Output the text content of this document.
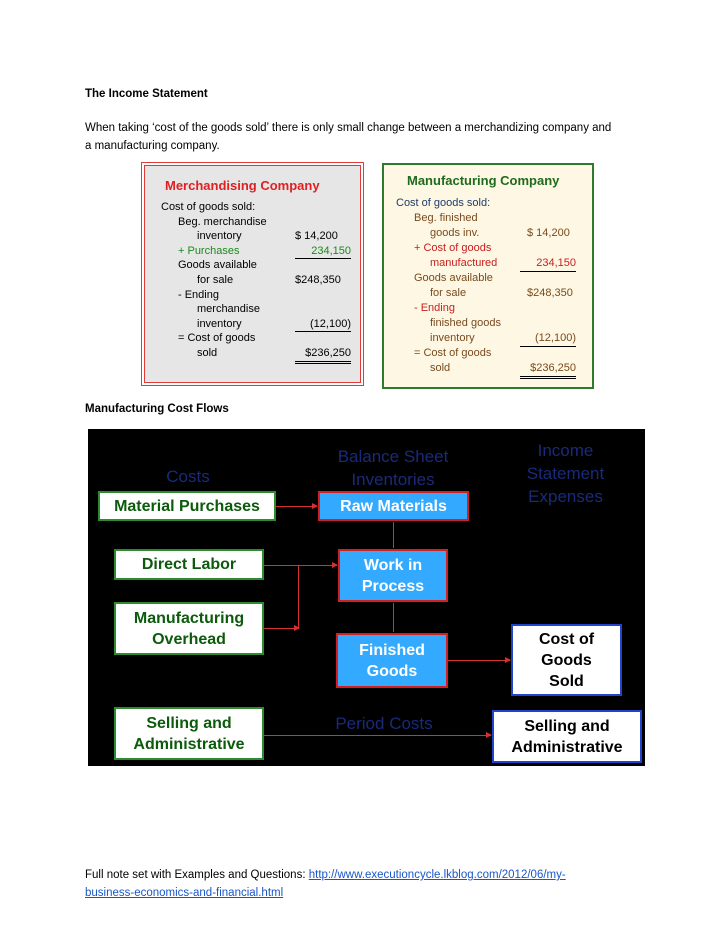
The Income Statement
When taking ‘cost of the goods sold’ there is only small change between a merchandizing company and
a manufacturing company.
Merchandising Company
Cost of goods sold:
Beg. merchandise
inventory	$ 14,200
+ Purchases	234,150
Goods available
for sale	$248,350
- Ending
merchandise
inventory	(12,100)
= Cost of goods
sold	$236,250
Manufacturing Company
Cost of goods sold:
Beg. finished
goods inv.	$ 14,200
+ Cost of goods
manufactured	234,150
Goods available
for sale	$248,350
- Ending
finished goods
inventory	(12,100)
= Cost of goods
sold	$236,250
Manufacturing Cost Flows
Costs
Balance Sheet
Inventories
Income
Statement
Expenses
Period Costs
Material Purchases
Direct Labor
Manufacturing
Overhead
Selling and
Administrative
Raw Materials
Work in
Process
Finished
Goods
Cost of
Goods
Sold
Selling and
Administrative
Full note set with Examples and Questions: http://www.executioncycle.lkblog.com/2012/06/my-
business-economics-and-financial.html
